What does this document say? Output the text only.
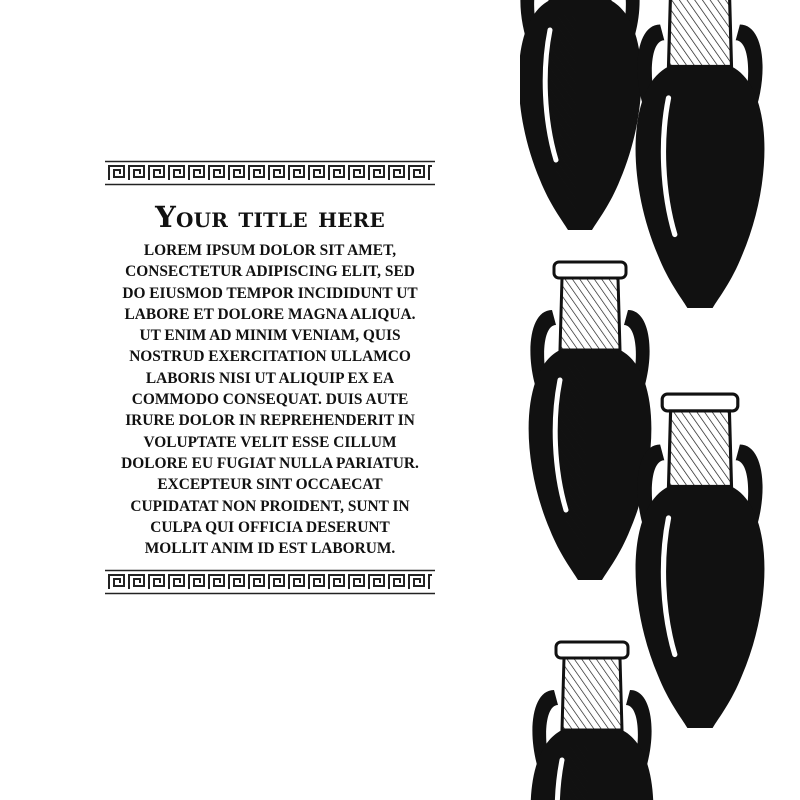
Your title here
LOREM IPSUM DOLOR SIT AMET,
CONSECTETUR ADIPISCING ELIT, SED
DO EIUSMOD TEMPOR INCIDIDUNT UT
LABORE ET DOLORE MAGNA ALIQUA.
UT ENIM AD MINIM VENIAM, QUIS
NOSTRUD EXERCITATION ULLAMCO
LABORIS NISI UT ALIQUIP EX EA
COMMODO CONSEQUAT. DUIS AUTE
IRURE DOLOR IN REPREHENDERIT IN
VOLUPTATE VELIT ESSE CILLUM
DOLORE EU FUGIAT NULLA PARIATUR.
EXCEPTEUR SINT OCCAECAT
CUPIDATAT NON PROIDENT, SUNT IN
CULPA QUI OFFICIA DESERUNT
MOLLIT ANIM ID EST LABORUM.
